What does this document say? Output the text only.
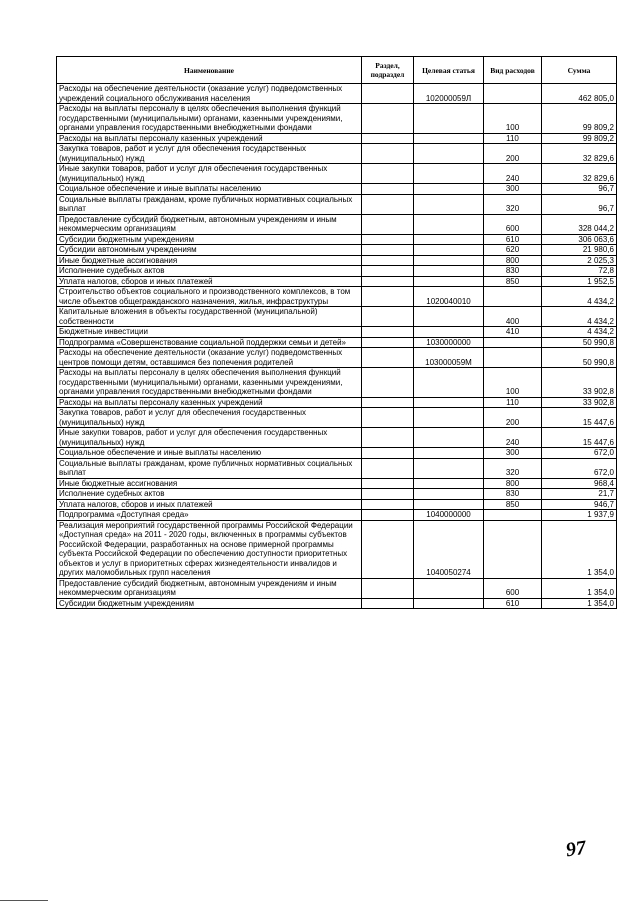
Наименование	Раздел, подраздел	Целевая статья	Вид расходов	Сумма
Расходы на обеспечение деятельности (оказание услуг) подведомственных учреждений социального обслуживания населения		102000059Л		462 805,0
Расходы на выплаты персоналу в целях обеспечения выполнения функций государственными (муниципальными) органами, казенными учреждениями, органами управления государственными внебюджетными фондами			100	99 809,2
Расходы на выплаты персоналу казенных учреждений			110	99 809,2
Закупка товаров, работ и услуг для обеспечения государственных (муниципальных) нужд			200	32 829,6
Иные закупки товаров, работ и услуг для обеспечения государственных (муниципальных) нужд			240	32 829,6
Социальное обеспечение и иные выплаты населению			300	96,7
Социальные выплаты гражданам, кроме публичных нормативных социальных выплат			320	96,7
Предоставление субсидий бюджетным, автономным учреждениям и иным некоммерческим организациям			600	328 044,2
Субсидии бюджетным учреждениям			610	306 063,6
Субсидии автономным учреждениям			620	21 980,6
Иные бюджетные ассигнования			800	2 025,3
Исполнение судебных актов			830	72,8
Уплата налогов, сборов и иных платежей			850	1 952,5
Строительство объектов социального и производственного комплексов, в том числе объектов общегражданского назначения, жилья, инфраструктуры		1020040010		4 434,2
Капитальные вложения в объекты государственной (муниципальной) собственности			400	4 434,2
Бюджетные инвестиции			410	4 434,2
Подпрограмма «Совершенствование социальной поддержки семьи и детей»		1030000000		50 990,8
Расходы на обеспечение деятельности (оказание услуг) подведомственных центров помощи детям, оставшимся без попечения родителей		103000059М		50 990,8
Расходы на выплаты персоналу в целях обеспечения выполнения функций государственными (муниципальными) органами, казенными учреждениями, органами управления государственными внебюджетными фондами			100	33 902,8
Расходы на выплаты персоналу казенных учреждений			110	33 902,8
Закупка товаров, работ и услуг для обеспечения государственных (муниципальных) нужд			200	15 447,6
Иные закупки товаров, работ и услуг для обеспечения государственных (муниципальных) нужд			240	15 447,6
Социальное обеспечение и иные выплаты населению			300	672,0
Социальные выплаты гражданам, кроме публичных нормативных социальных выплат			320	672,0
Иные бюджетные ассигнования			800	968,4
Исполнение судебных актов			830	21,7
Уплата налогов, сборов и иных платежей			850	946,7
Подпрограмма «Доступная среда»		1040000000		1 937,9
Реализация мероприятий государственной программы Российской Федерации «Доступная среда» на 2011 - 2020 годы, включенных в программы субъектов Российской Федерации, разработанных на основе примерной программы субъекта Российской Федерации по обеспечению доступности приоритетных объектов и услуг в приоритетных сферах жизнедеятельности инвалидов и других маломобильных групп населения		1040050274		1 354,0
Предоставление субсидий бюджетным, автономным учреждениям и иным некоммерческим организациям			600	1 354,0
Субсидии бюджетным учреждениям			610	1 354,0
97
